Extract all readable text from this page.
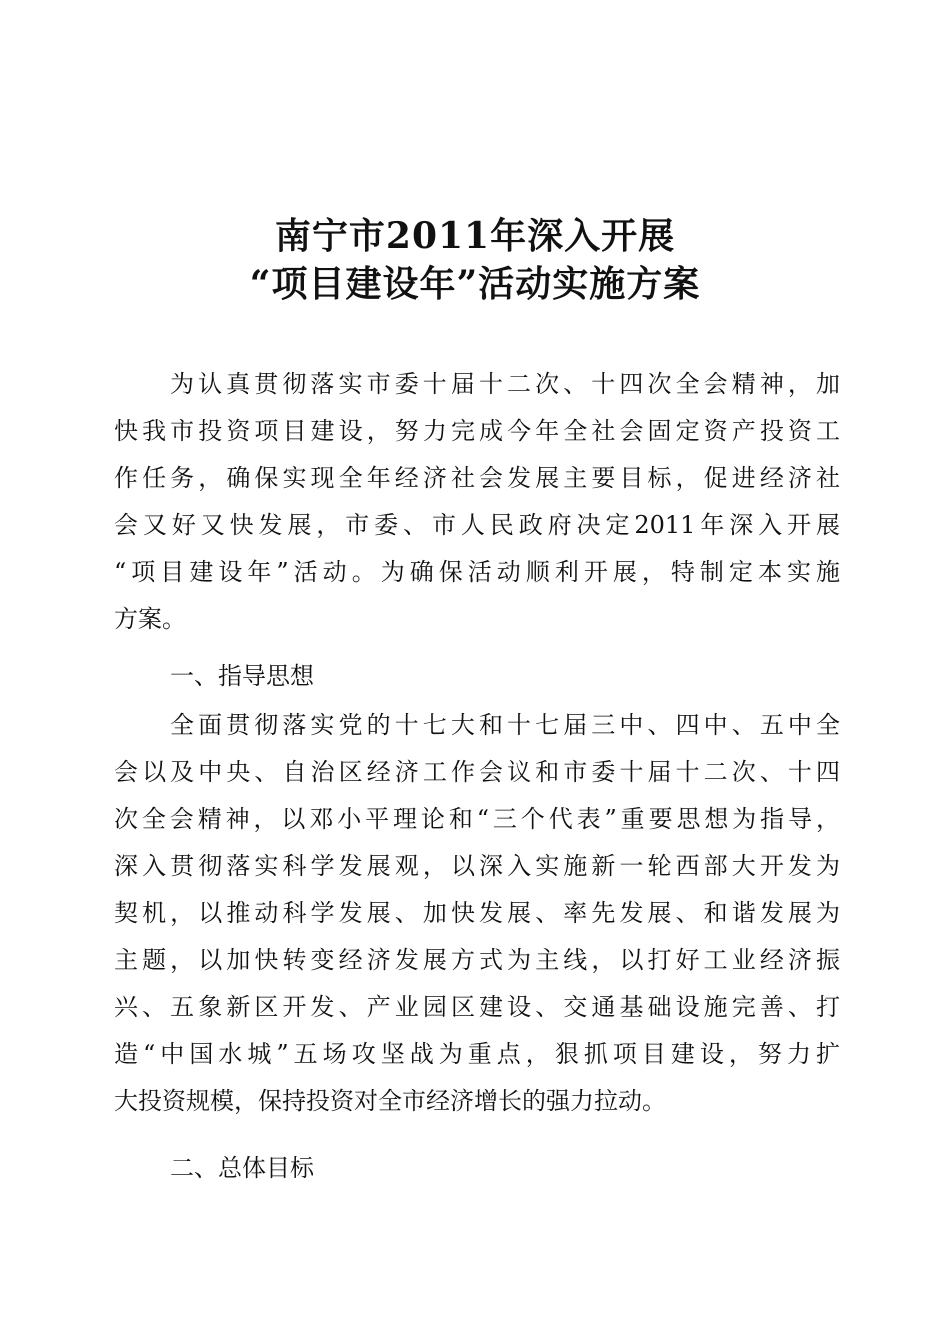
南宁市2011年深入开展
“项目建设年”活动实施方案
为认真贯彻落实市委十届十二次、十四次全会精神，加
快我市投资项目建设，努力完成今年全社会固定资产投资工
作任务，确保实现全年经济社会发展主要目标，促进经济社
会又好又快发展，市委、市人民政府决定2011年深入开展
“项目建设年”活动。为确保活动顺利开展，特制定本实施
方案。
一、指导思想
全面贯彻落实党的十七大和十七届三中、四中、五中全
会以及中央、自治区经济工作会议和市委十届十二次、十四
次全会精神，以邓小平理论和“三个代表”重要思想为指导，
深入贯彻落实科学发展观，以深入实施新一轮西部大开发为
契机，以推动科学发展、加快发展、率先发展、和谐发展为
主题，以加快转变经济发展方式为主线，以打好工业经济振
兴、五象新区开发、产业园区建设、交通基础设施完善、打
造“中国水城”五场攻坚战为重点，狠抓项目建设，努力扩
大投资规模，保持投资对全市经济增长的强力拉动。
二、总体目标
